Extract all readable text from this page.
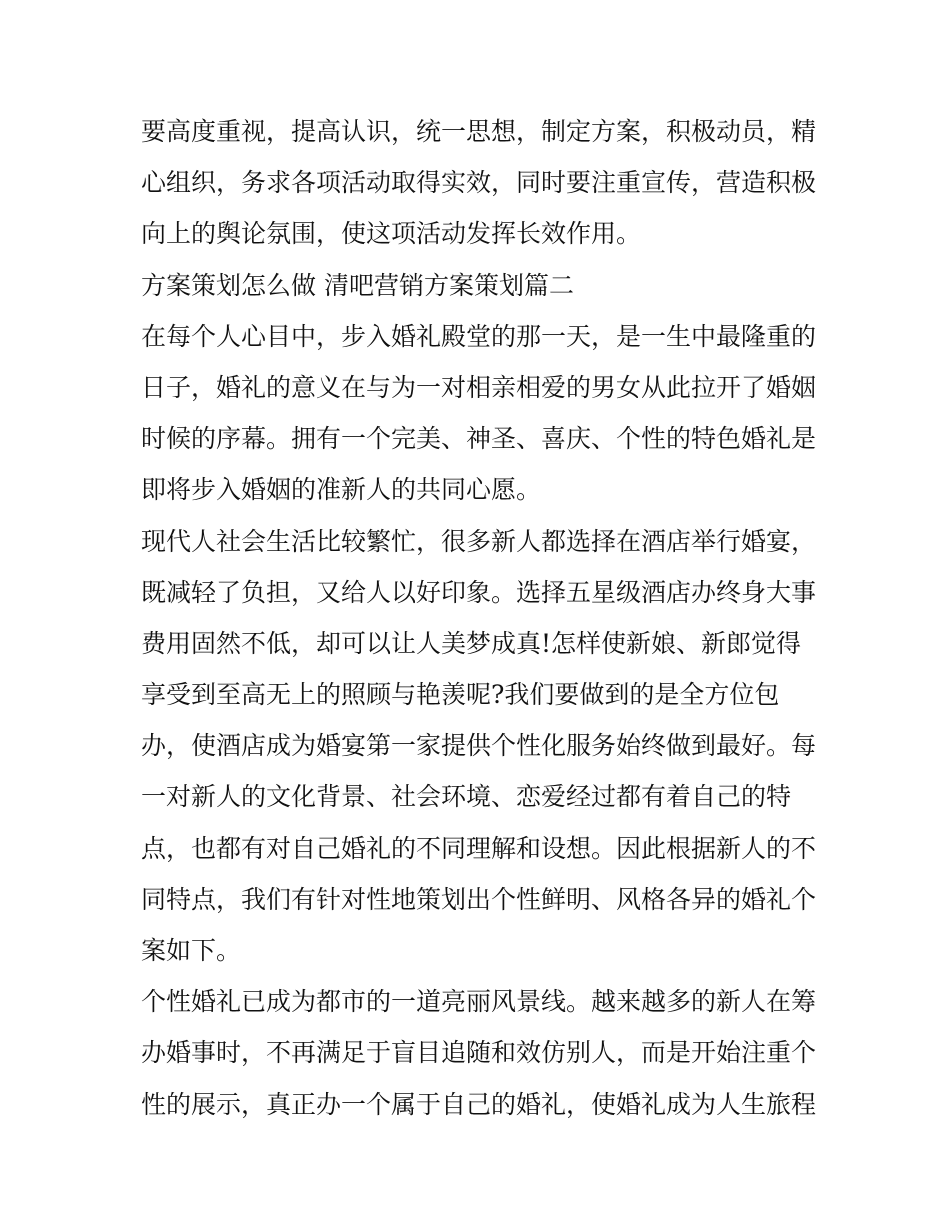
要高度重视，提高认识，统一思想，制定方案，积极动员，精
心组织，务求各项活动取得实效，同时要注重宣传，营造积极
向上的舆论氛围，使这项活动发挥长效作用。
方案策划怎么做 清吧营销方案策划篇二
在每个人心目中，步入婚礼殿堂的那一天，是一生中最隆重的
日子，婚礼的意义在与为一对相亲相爱的男女从此拉开了婚姻
时候的序幕。拥有一个完美、神圣、喜庆、个性的特色婚礼是
即将步入婚姻的准新人的共同心愿。
现代人社会生活比较繁忙，很多新人都选择在酒店举行婚宴，
既减轻了负担，又给人以好印象。选择五星级酒店办终身大事
费用固然不低，却可以让人美梦成真!怎样使新娘、新郎觉得
享受到至高无上的照顾与艳羡呢?我们要做到的是全方位包
办，使酒店成为婚宴第一家提供个性化服务始终做到最好。每
一对新人的文化背景、社会环境、恋爱经过都有着自己的特
点，也都有对自己婚礼的不同理解和设想。因此根据新人的不
同特点，我们有针对性地策划出个性鲜明、风格各异的婚礼个
案如下。
个性婚礼已成为都市的一道亮丽风景线。越来越多的新人在筹
办婚事时，不再满足于盲目追随和效仿别人，而是开始注重个
性的展示，真正办一个属于自己的婚礼，使婚礼成为人生旅程
